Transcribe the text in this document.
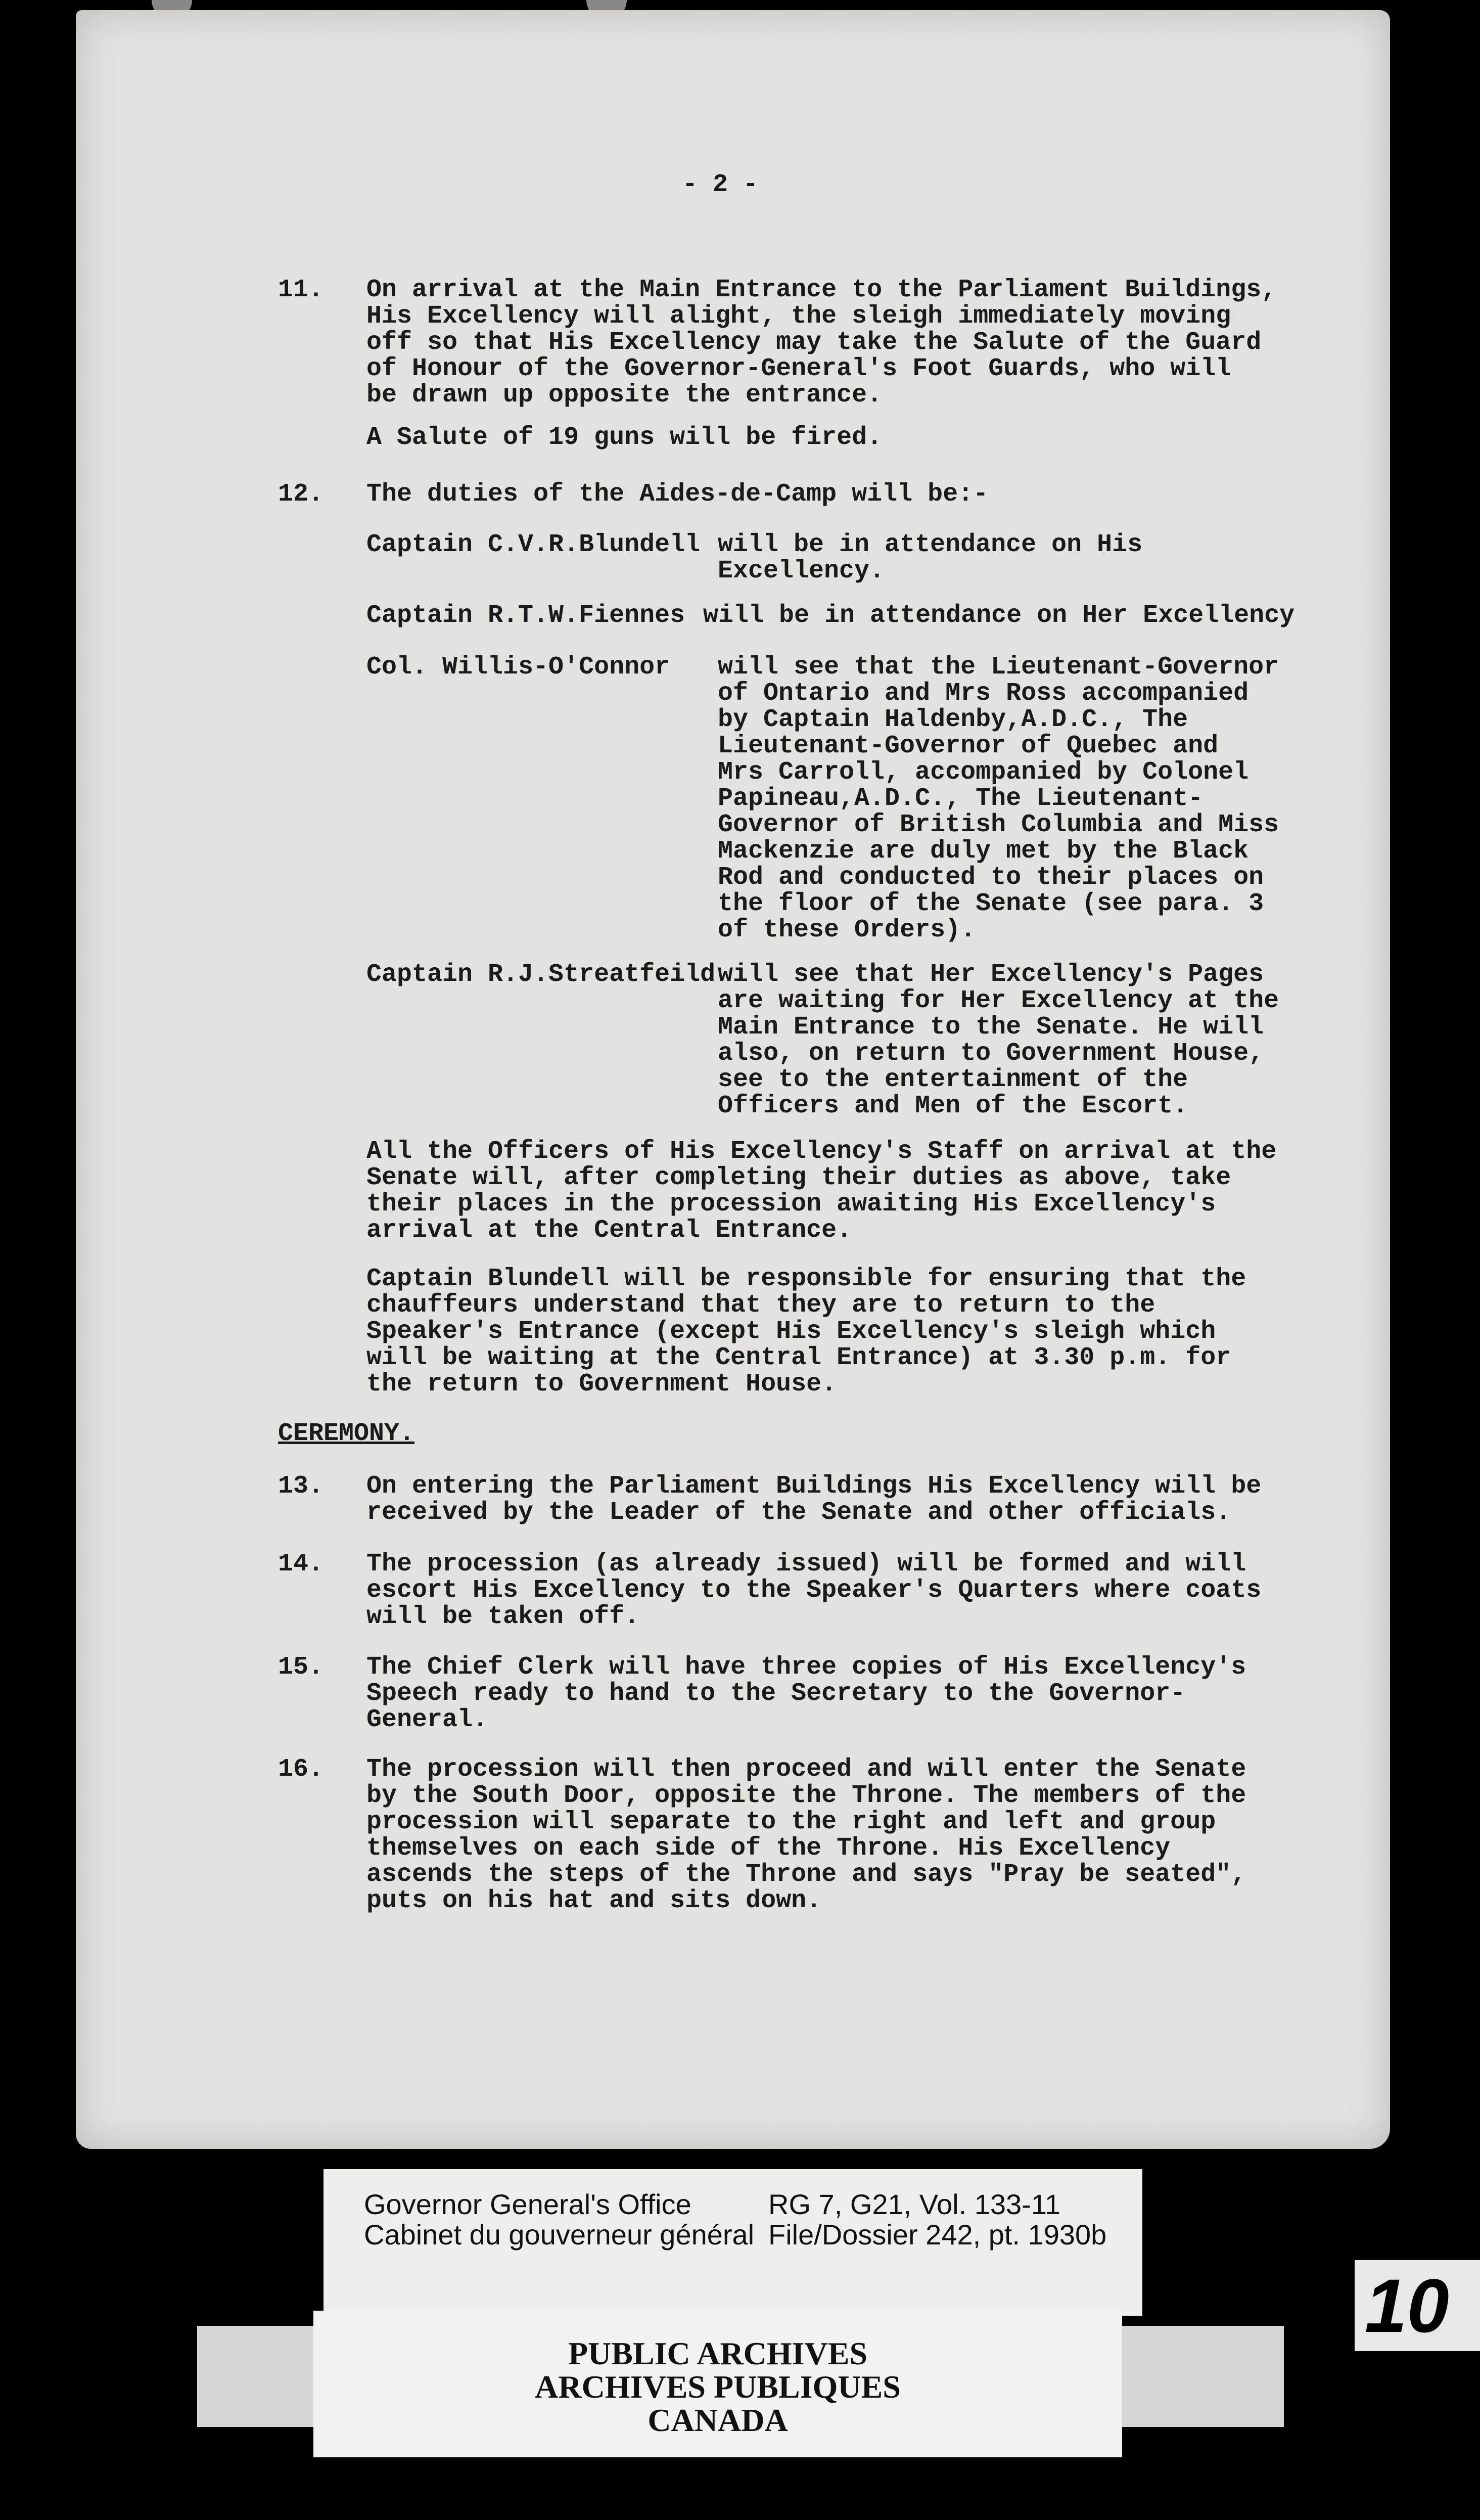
- 2 -
11. On arrival at the Main Entrance to the Parliament Buildings,
His Excellency will alight, the sleigh immediately moving
off so that His Excellency may take the Salute of the Guard
of Honour of the Governor-General's Foot Guards, who will
be drawn up opposite the entrance.
A Salute of 19 guns will be fired.
12. The duties of the Aides-de-Camp will be:-
Captain C.V.R.Blundell will be in attendance on His
Excellency.
Captain R.T.W.Fiennes will be in attendance on Her Excellency
Col. Willis-O'Connor will see that the Lieutenant-Governor
of Ontario and Mrs Ross accompanied
by Captain Haldenby,A.D.C., The
Lieutenant-Governor of Quebec and
Mrs Carroll, accompanied by Colonel
Papineau,A.D.C., The Lieutenant-
Governor of British Columbia and Miss
Mackenzie are duly met by the Black
Rod and conducted to their places on
the floor of the Senate (see para. 3
of these Orders).
Captain R.J.Streatfeild will see that Her Excellency's Pages
are waiting for Her Excellency at the
Main Entrance to the Senate. He will
also, on return to Government House,
see to the entertainment of the
Officers and Men of the Escort.
All the Officers of His Excellency's Staff on arrival at the
Senate will, after completing their duties as above, take
their places in the procession awaiting His Excellency's
arrival at the Central Entrance.
Captain Blundell will be responsible for ensuring that the
chauffeurs understand that they are to return to the
Speaker's Entrance (except His Excellency's sleigh which
will be waiting at the Central Entrance) at 3.30 p.m. for
the return to Government House.
CEREMONY.
13. On entering the Parliament Buildings His Excellency will be
received by the Leader of the Senate and other officials.
14. The procession (as already issued) will be formed and will
escort His Excellency to the Speaker's Quarters where coats
will be taken off.
15. The Chief Clerk will have three copies of His Excellency's
Speech ready to hand to the Secretary to the Governor-
General.
16. The procession will then proceed and will enter the Senate
by the South Door, opposite the Throne. The members of the
procession will separate to the right and left and group
themselves on each side of the Throne. His Excellency
ascends the steps of the Throne and says "Pray be seated",
puts on his hat and sits down.
Governor General's Office
Cabinet du gouverneur général
RG 7, G21, Vol. 133-11
File/Dossier 242, pt. 1930b
PUBLIC ARCHIVES
ARCHIVES PUBLIQUES
CANADA
10 1
